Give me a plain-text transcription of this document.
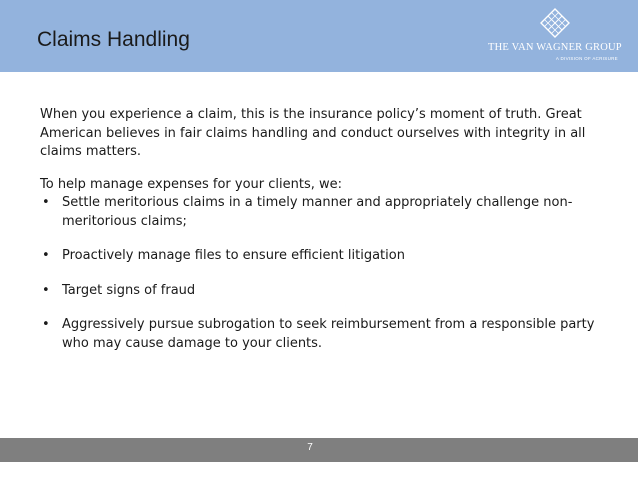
Claims Handling	THE VAN WAGNER GROUP
A DIVISION OF ACRISURE

When you experience a claim, this is the insurance policy’s moment of truth. Great American believes in fair claims handling and conduct ourselves with integrity in all claims matters.

To help manage expenses for your clients, we:

• Settle meritorious claims in a timely manner and appropriately challenge non-meritorious claims;
• Proactively manage files to ensure efficient litigation
• Target signs of fraud
• Aggressively pursue subrogation to seek reimbursement from a responsible party who may cause damage to your clients.
7
